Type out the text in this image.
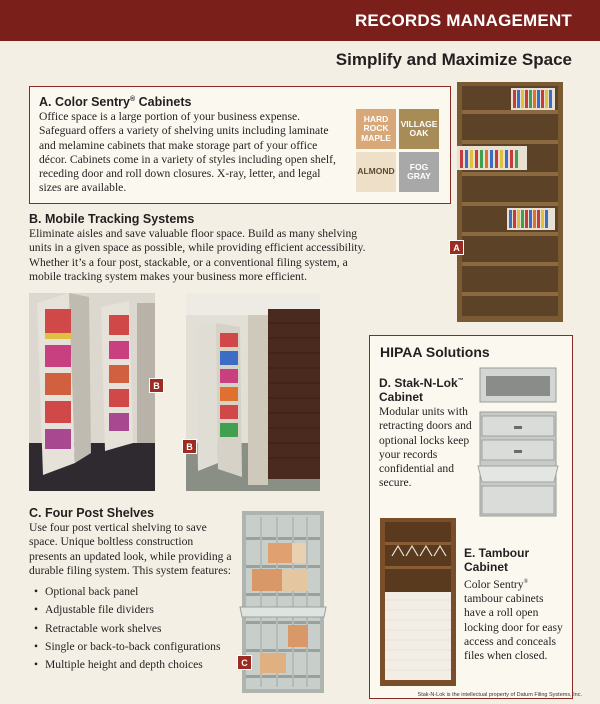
RECORDS MANAGEMENT
Simplify and Maximize Space
A. Color Sentry® Cabinets

Office space is a large portion of your business expense. Safeguard offers a variety of shelving units including laminate and melamine cabinets that make storage part of your office décor. Cabinets come in a variety of styles including open shelf, receding door and roll down closures. X-ray, letter, and legal sizes are available.

HARD ROCK MAPLE
VILLAGE OAK
ALMOND	FOG GRAY
A
B. Mobile Tracking Systems

Eliminate aisles and save valuable floor space. Build as many shelving units in a given space as possible, while providing efficient accessibility. Whether it’s a four post, stackable, or a conventional filing system, a mobile tracking system makes your business more efficient.

B
B
HIPAA Solutions
D. Stak-N-Lok™
Cabinet

Modular units with retracting doors and optional locks keep your records confidential and secure.

E. Tambour Cabinet

Color Sentry® tambour cabinets have a roll open locking door for easy access and conceals files when closed.

C. Four Post Shelves

Use four post vertical shelving to save space. Unique boltless construction presents an updated look, while providing a durable filing system. This system features:

• Optional back panel
• Adjustable file dividers
• Retractable work shelves
• Single or back-to-back configurations
• Multiple height and depth choices	C
Stak-N-Lok is the intellectual property of Datum Filing Systems, Inc.
